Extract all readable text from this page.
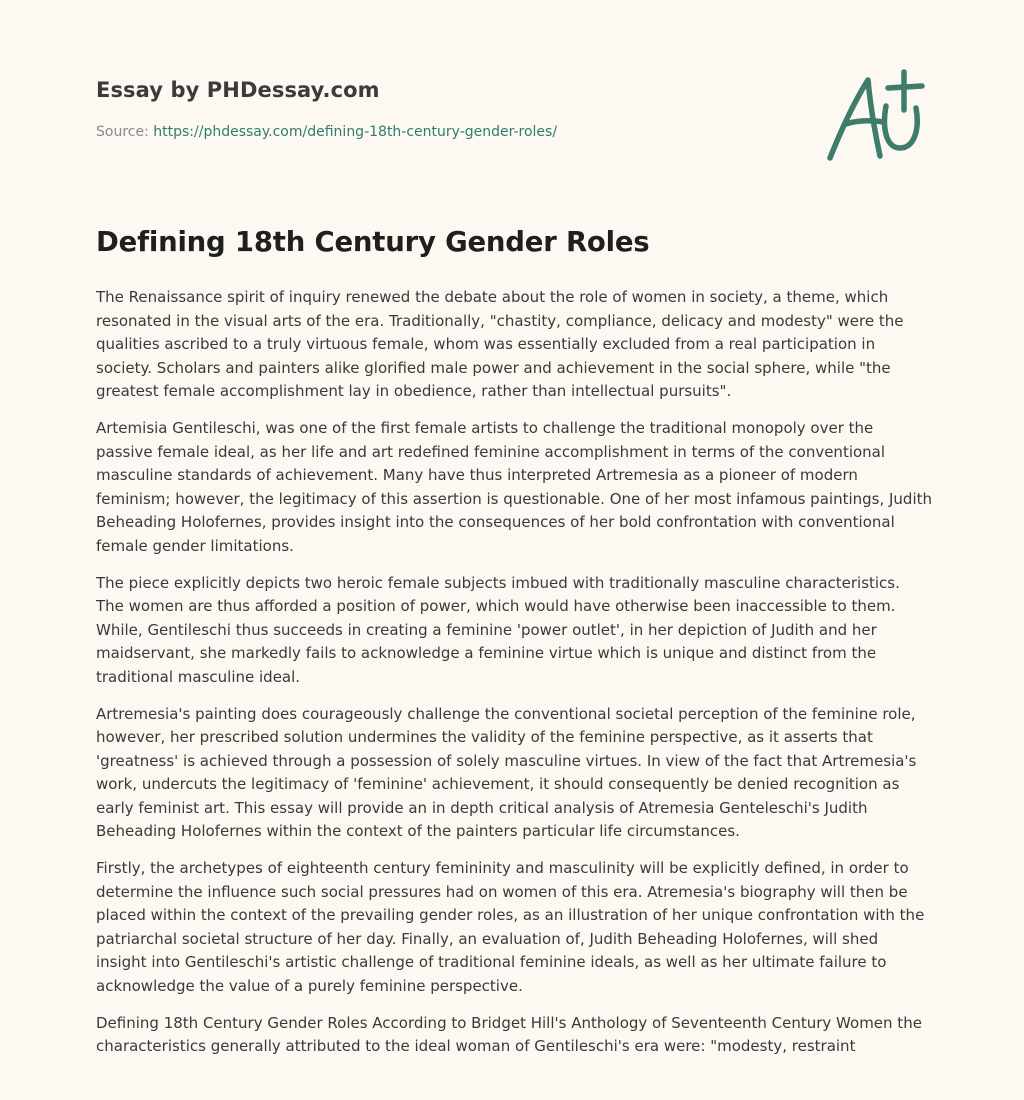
Essay by PHDessay.com
Source: https://phdessay.com/defining-18th-century-gender-roles/
Defining 18th Century Gender Roles

The Renaissance spirit of inquiry renewed the debate about the role of women in society, a theme, which resonated in the visual arts of the era. Traditionally, "chastity, compliance, delicacy and modesty" were the qualities ascribed to a truly virtuous female, whom was essentially excluded from a real participation in society. Scholars and painters alike glorified male power and achievement in the social sphere, while "the greatest female accomplishment lay in obedience, rather than intellectual pursuits".

Artemisia Gentileschi, was one of the first female artists to challenge the traditional monopoly over the passive female ideal, as her life and art redefined feminine accomplishment in terms of the conventional masculine standards of achievement. Many have thus interpreted Artremesia as a pioneer of modern feminism; however, the legitimacy of this assertion is questionable. One of her most infamous paintings, Judith Beheading Holofernes, provides insight into the consequences of her bold confrontation with conventional female gender limitations.

The piece explicitly depicts two heroic female subjects imbued with traditionally masculine characteristics. The women are thus afforded a position of power, which would have otherwise been inaccessible to them. While, Gentileschi thus succeeds in creating a feminine 'power outlet', in her depiction of Judith and her maidservant, she markedly fails to acknowledge a feminine virtue which is unique and distinct from the traditional masculine ideal.

Artremesia's painting does courageously challenge the conventional societal perception of the feminine role, however, her prescribed solution undermines the validity of the feminine perspective, as it asserts that 'greatness' is achieved through a possession of solely masculine virtues. In view of the fact that Artremesia's work, undercuts the legitimacy of 'feminine' achievement, it should consequently be denied recognition as early feminist art. This essay will provide an in depth critical analysis of Atremesia Genteleschi's Judith Beheading Holofernes within the context of the painters particular life circumstances.

Firstly, the archetypes of eighteenth century femininity and masculinity will be explicitly defined, in order to determine the influence such social pressures had on women of this era. Atremesia's biography will then be placed within the context of the prevailing gender roles, as an illustration of her unique confrontation with the patriarchal societal structure of her day. Finally, an evaluation of, Judith Beheading Holofernes, will shed insight into Gentileschi's artistic challenge of traditional feminine ideals, as well as her ultimate failure to acknowledge the value of a purely feminine perspective.

Defining 18th Century Gender Roles According to Bridget Hill's Anthology of Seventeenth Century Women the characteristics generally attributed to the ideal woman of Gentileschi's era were: "modesty, restraint
